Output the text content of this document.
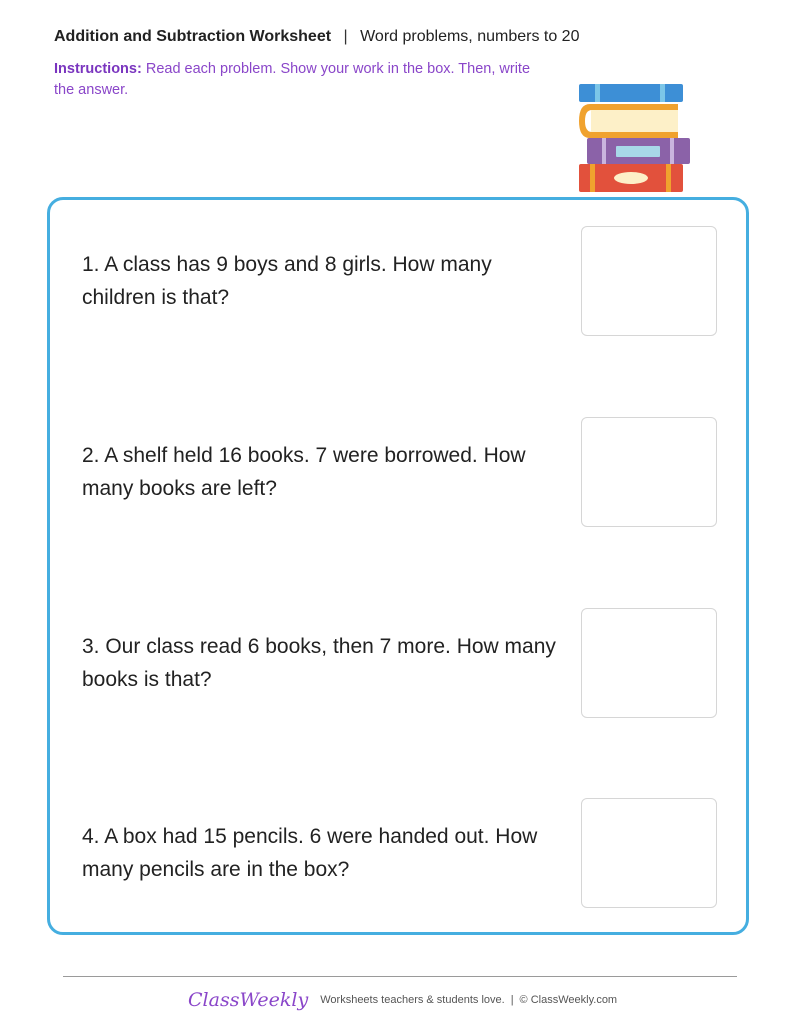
Addition and Subtraction Worksheet | Word problems, numbers to 20
Instructions: Read each problem. Show your work in the box. Then, write the answer.
1. A class has 9 boys and 8 girls. How many children is that?
2. A shelf held 16 books. 7 were borrowed. How many books are left?
3. Our class read 6 books, then 7 more. How many books is that?
4. A box had 15 pencils. 6 were handed out. How many pencils are in the box?
ClassWeekly Worksheets teachers & students love. | © ClassWeekly.com
